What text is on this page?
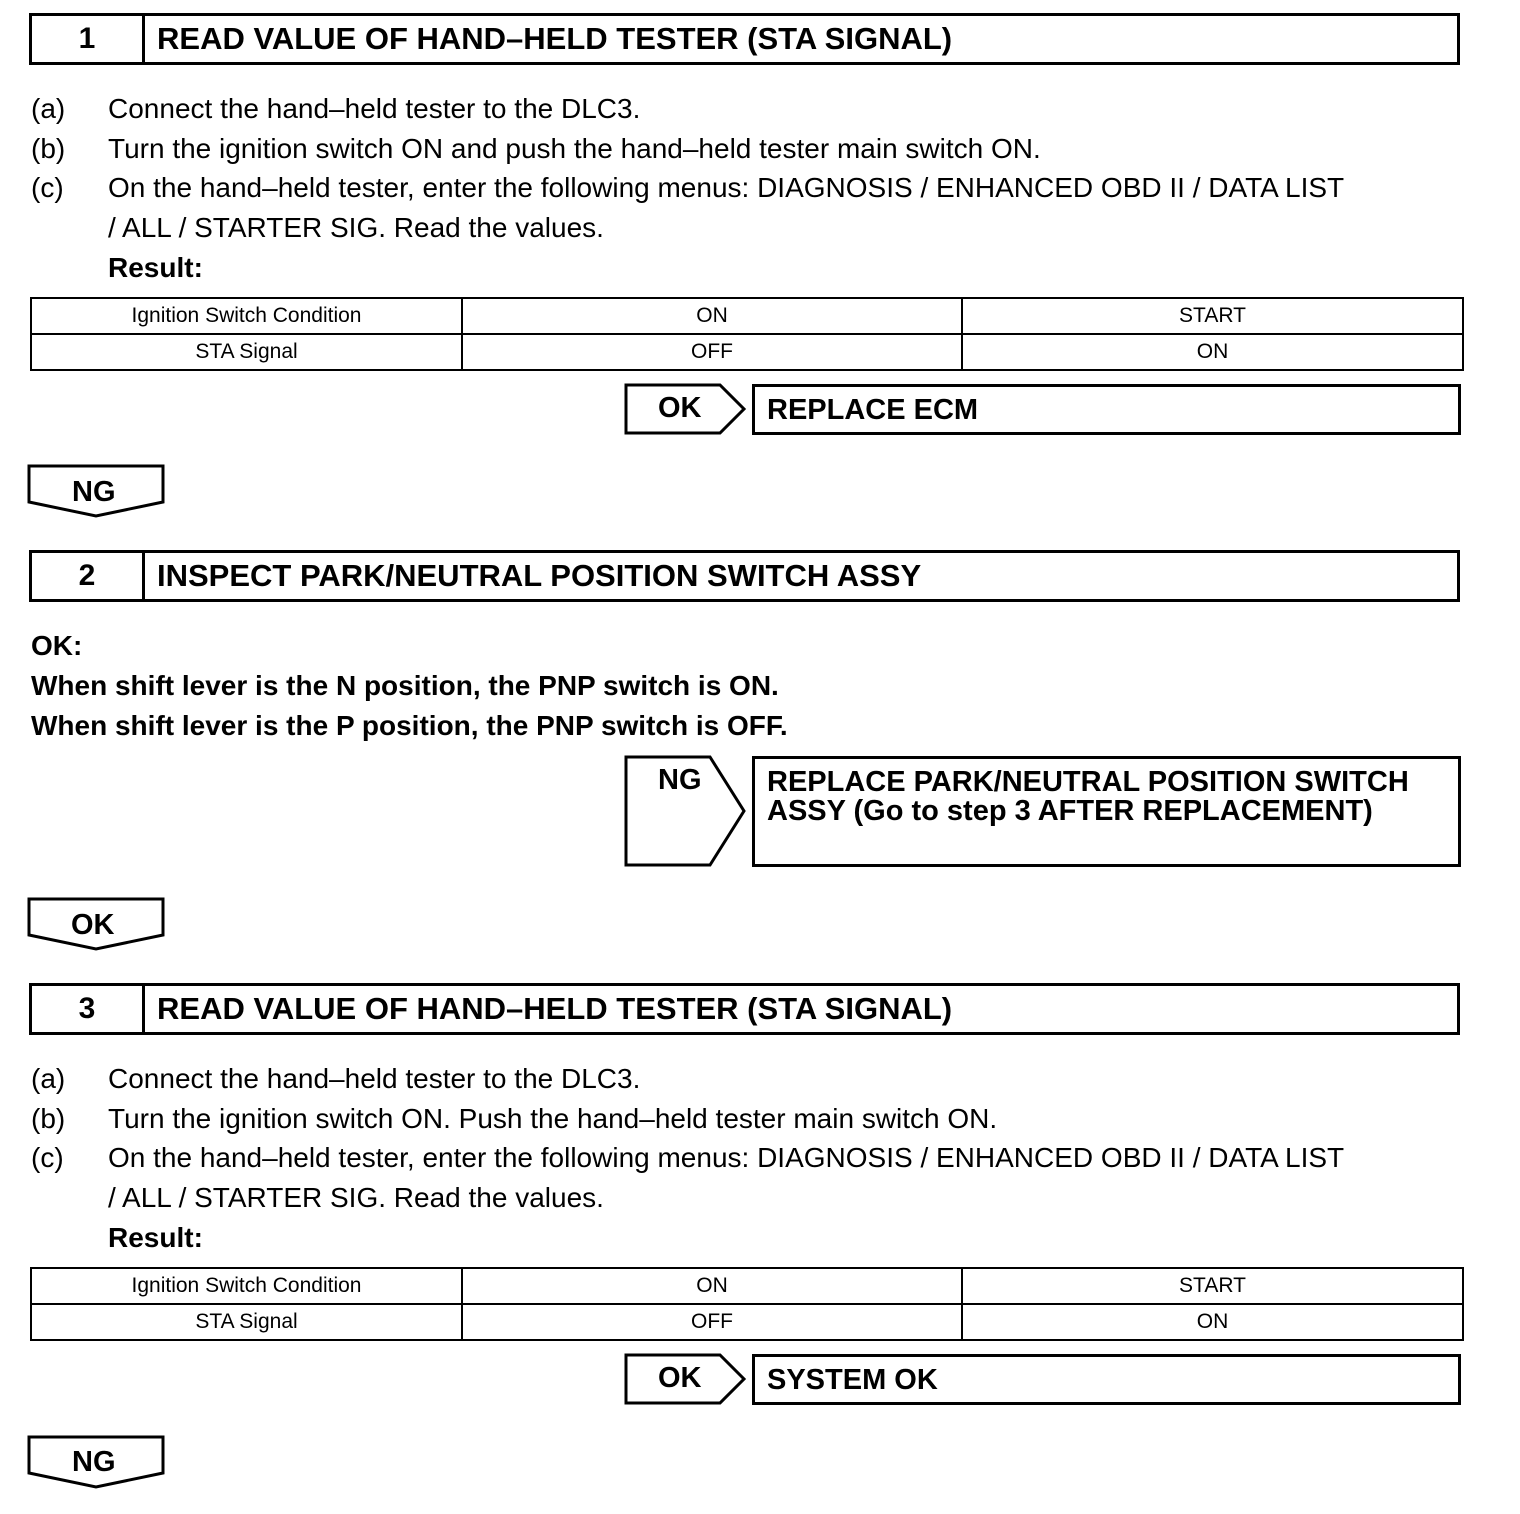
1	READ VALUE OF HAND–HELD TESTER (STA SIGNAL)
(a) Connect the hand–held tester to the DLC3.
(b) Turn the ignition switch ON and push the hand–held tester main switch ON.
(c) On the hand–held tester, enter the following menus: DIAGNOSIS / ENHANCED OBD II / DATA LIST
/ ALL / STARTER SIG. Read the values.
Result:
Ignition Switch Condition	ON	START
STA Signal	OFF	ON
OK	REPLACE ECM
NG
2	INSPECT PARK/NEUTRAL POSITION SWITCH ASSY
OK:
When shift lever is the N position, the PNP switch is ON.
When shift lever is the P position, the PNP switch is OFF.
NG REPLACE PARK/NEUTRAL POSITION SWITCH
ASSY (Go to step 3 AFTER REPLACEMENT)
OK
3	READ VALUE OF HAND–HELD TESTER (STA SIGNAL)
(a) Connect the hand–held tester to the DLC3.
(b) Turn the ignition switch ON. Push the hand–held tester main switch ON.
(c) On the hand–held tester, enter the following menus: DIAGNOSIS / ENHANCED OBD II / DATA LIST
/ ALL / STARTER SIG. Read the values.
Result:
Ignition Switch Condition	ON	START
STA Signal	OFF	ON
OK	SYSTEM OK
NG
